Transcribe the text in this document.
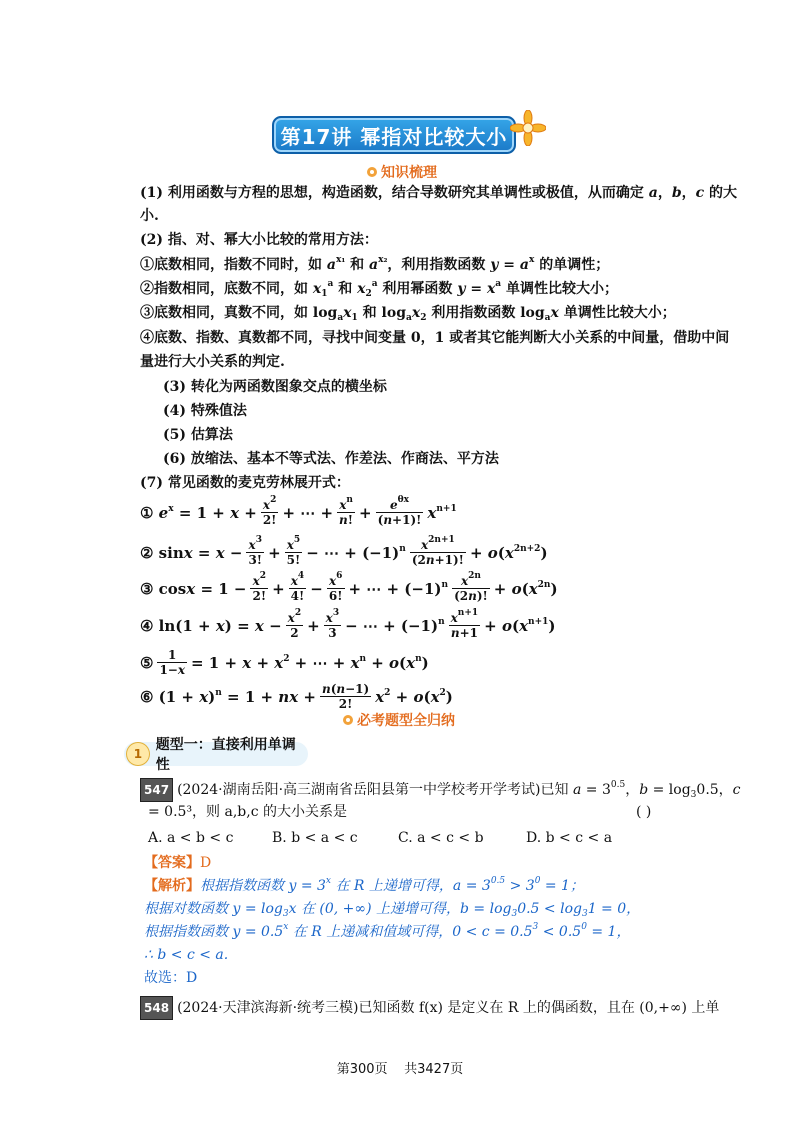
第17讲 幂指对比较大小
知识梳理
(1) 利用函数与方程的思想，构造函数，结合导数研究其单调性或极值，从而确定 a，b，c 的大
小.
(2) 指、对、幂大小比较的常用方法：
①底数相同，指数不同时，如 $a^{x_1}$ 和 $a^{x_2}$，利用指数函数 $y = a^x$ 的单调性；
②指数相同，底数不同，如 $x_1^a$ 和 $x_2^a$ 利用幂函数 $y = x^a$ 单调性比较大小；
③底数相同，真数不同，如 $\log_ax_1$ 和 $\log_ax_2$ 利用指数函数 $\log_ax$ 单调性比较大小；
④底数、指数、真数都不同，寻找中间变量 0，1 或者其它能判断大小关系的中间量，借助中间
量进行大小关系的判定.
(3) 转化为两函数图象交点的横坐标
(4) 特殊值法
(5) 估算法
(6) 放缩法、基本不等式法、作差法、作商法、平方法
(7) 常见函数的麦克劳林展开式：
① $e^x = 1 + x + \frac{x^2}{2!}$ + ⋯ + $\frac{x^n}{n!} + \frac{e^{\theta x}}{(n+1)!} x^{n+1}$
② $\sin x = x - \frac{x^3}{3!} + \frac{x^5}{5!}$ − ⋯ + $(-1)^n \frac{x^{2n+1}}{(2n+1)!} + o(x^{2n+2})$
③ $\cos x = 1 - \frac{x^2}{2!} + \frac{x^4}{4!} - \frac{x^6}{6!}$ + ⋯ + $(-1)^n \frac{x^{2n}}{(2n)!} + o(x^{2n})$
④ $\ln(1 + x) = x - \frac{x^2}{2} + \frac{x^3}{3}$ − ⋯ + $(-1)^n \frac{x^{n+1}}{n+1} + o(x^{n+1})$
⑤ $\frac{1}{1-x} = 1 + x + x^2$ + ⋯ + $x^n + o(x^n)$
⑥ $(1 + x)^n = 1$ + nx + $\frac{n(n-1)}{2!} x^2 + o(x^2)$
必考题型全归纳
1
题型一：直接利用单调性
547 (2024·湖南岳阳·高三湖南省岳阳县第一中学校考开学考试)已知 $a = 3^{0.5}$，$b = \log_30.5$，c
= 0.5³，则 a,b,c 的大小关系是	( )
A. a < b < c	B. b < a < c	C. a < c < b	D. b < c < a
【答案】D
【解析】根据指数函数 $y = 3^x$ 在 R 上递增可得，$a = 3^{0.5} > 3^0 = 1$；
根据对数函数 $y = \log_3x$ 在 (0, +∞) 上递增可得，$b = \log_30.5 < \log_31 = 0$，
根据指数函数 $y = 0.5^x$ 在 R 上递减和值域可得，$0 < c = 0.5^3 < 0.5^0 = 1$，
∴ b < c < a.
故选：D
548 (2024·天津滨海新·统考三模)已知函数 f(x) 是定义在 R 上的偶函数，且在 (0,+∞) 上单
第300页 共3427页
